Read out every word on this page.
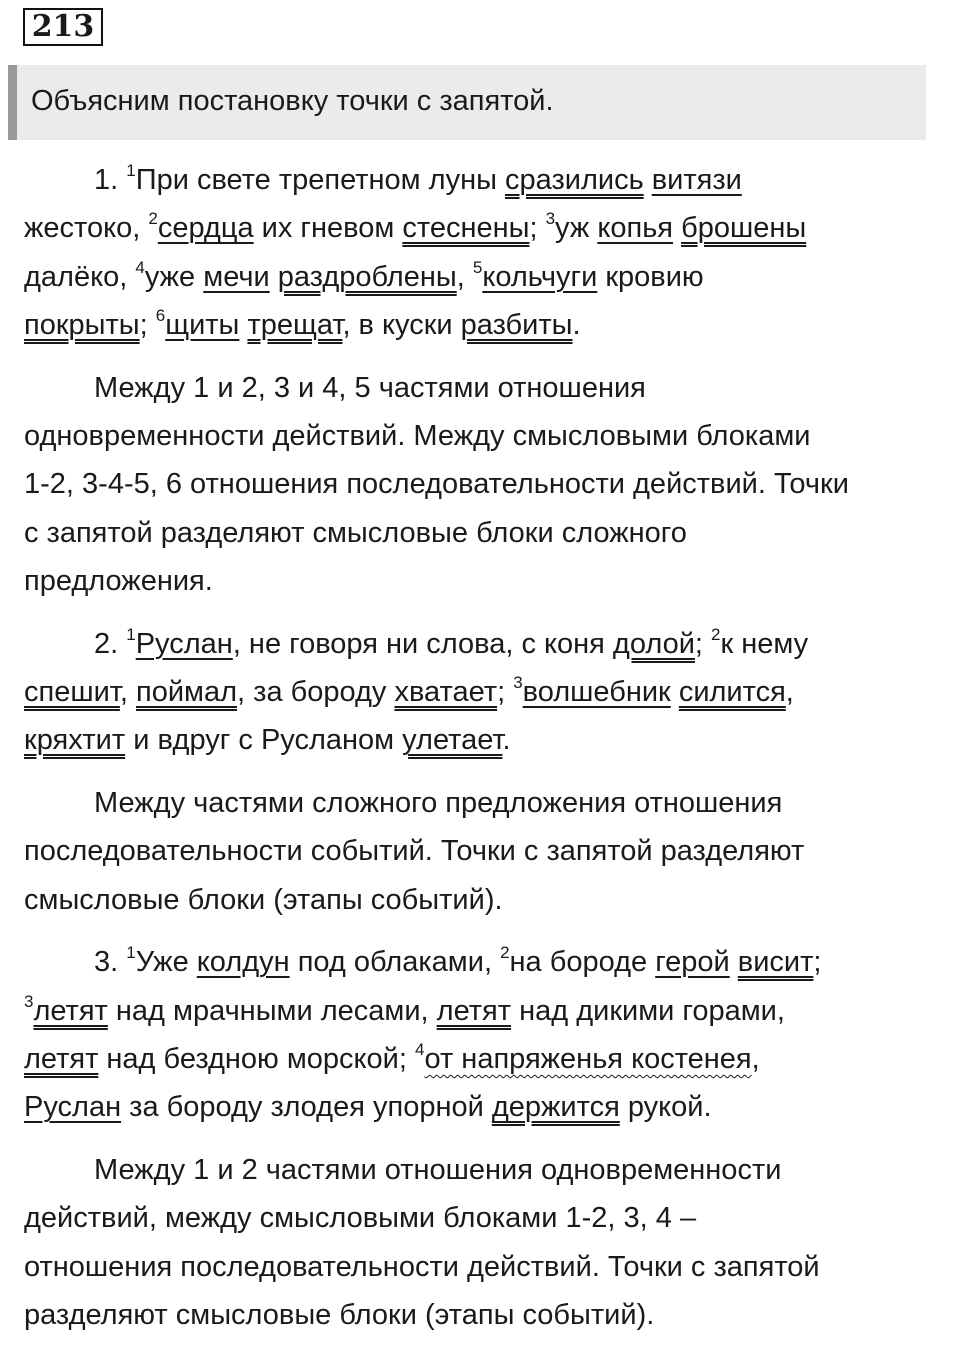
213
Объясним постановку точки с запятой.

1. $^1$При свете трепетном луны сразились витязи
жестоко, $^2$сердца их гневом стеснены; $^3$уж копья брошены
далёко, $^4$уже мечи раздроблены, $^5$кольчуги кровию
покрыты; $^6$щиты трещат, в куски разбиты.

Между 1 и 2, 3 и 4, 5 частями отношения
одновременности действий. Между смысловыми блоками
1-2, 3-4-5, 6 отношения последовательности действий. Точки
с запятой разделяют смысловые блоки сложного
предложения.

2. $^1$Руслан, не говоря ни слова, с коня долой; $^2$к нему
спешит, поймал, за бороду хватает; $^3$волшебник силится,
кряхтит и вдруг с Русланом улетает.

Между частями сложного предложения отношения
последовательности событий. Точки с запятой разделяют
смысловые блоки (этапы событий).

3. $^1$Уже колдун под облаками, $^2$на бороде герой висит;
$^3$летят над мрачными лесами, летят над дикими горами,
летят над бездною морской; $^4$от напряженья костенея,
Руслан за бороду злодея упорной держится рукой.

Между 1 и 2 частями отношения одновременности
действий, между смысловыми блоками 1-2, 3, 4 –
отношения последовательности действий. Точки с запятой
разделяют смысловые блоки (этапы событий).
